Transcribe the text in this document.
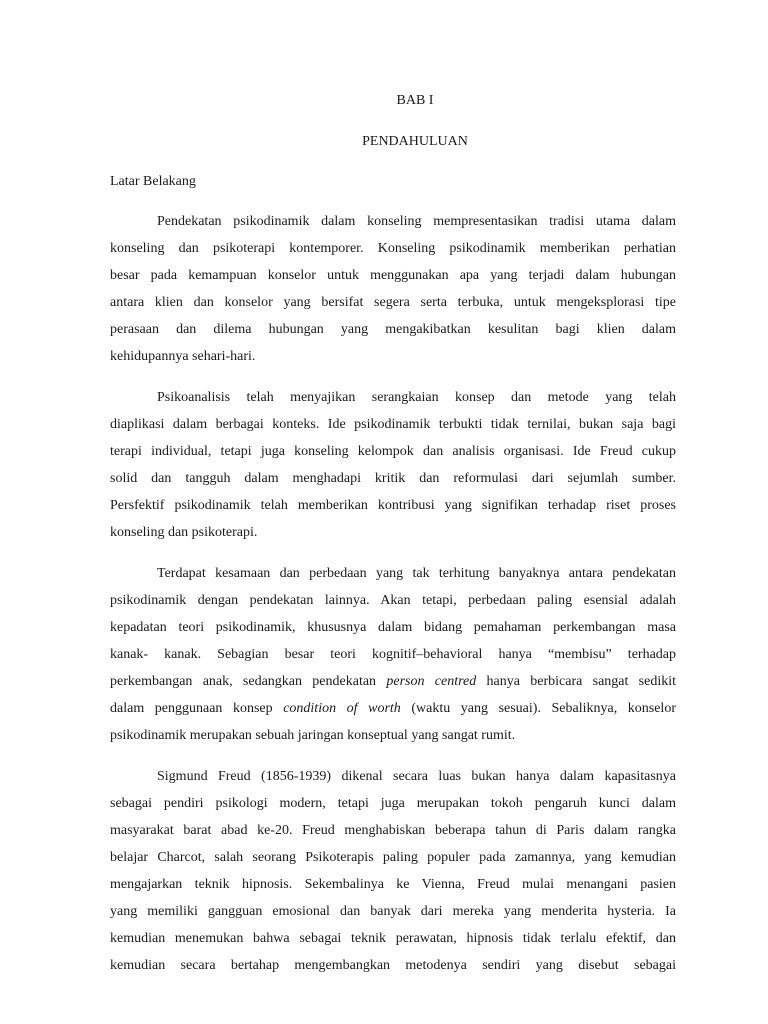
BAB I
PENDAHULUAN
Latar Belakang
Pendekatan psikodinamik dalam konseling mempresentasikan tradisi utama dalam
konseling dan psikoterapi kontemporer. Konseling psikodinamik memberikan perhatian
besar pada kemampuan konselor untuk menggunakan apa yang terjadi dalam hubungan
antara klien dan konselor yang bersifat segera serta terbuka, untuk mengeksplorasi tipe
perasaan dan dilema hubungan yang mengakibatkan kesulitan bagi klien dalam
kehidupannya sehari-hari.
Psikoanalisis telah menyajikan serangkaian konsep dan metode yang telah
diaplikasi dalam berbagai konteks. Ide psikodinamik terbukti tidak ternilai, bukan saja bagi
terapi individual, tetapi juga konseling kelompok dan analisis organisasi. Ide Freud cukup
solid dan tangguh dalam menghadapi kritik dan reformulasi dari sejumlah sumber.
Persfektif psikodinamik telah memberikan kontribusi yang signifikan terhadap riset proses
konseling dan psikoterapi.
Terdapat kesamaan dan perbedaan yang tak terhitung banyaknya antara pendekatan
psikodinamik dengan pendekatan lainnya. Akan tetapi, perbedaan paling esensial adalah
kepadatan teori psikodinamik, khususnya dalam bidang pemahaman perkembangan masa
kanak- kanak. Sebagian besar teori kognitif–behavioral hanya “membisu” terhadap
perkembangan anak, sedangkan pendekatan person centred hanya berbicara sangat sedikit
dalam penggunaan konsep condition of worth (waktu yang sesuai). Sebaliknya, konselor
psikodinamik merupakan sebuah jaringan konseptual yang sangat rumit.
Sigmund Freud (1856-1939) dikenal secara luas bukan hanya dalam kapasitasnya
sebagai pendiri psikologi modern, tetapi juga merupakan tokoh pengaruh kunci dalam
masyarakat barat abad ke-20. Freud menghabiskan beberapa tahun di Paris dalam rangka
belajar Charcot, salah seorang Psikoterapis paling populer pada zamannya, yang kemudian
mengajarkan teknik hipnosis. Sekembalinya ke Vienna, Freud mulai menangani pasien
yang memiliki gangguan emosional dan banyak dari mereka yang menderita hysteria. Ia
kemudian menemukan bahwa sebagai teknik perawatan, hipnosis tidak terlalu efektif, dan
kemudian secara bertahap mengembangkan metodenya sendiri yang disebut sebagai
